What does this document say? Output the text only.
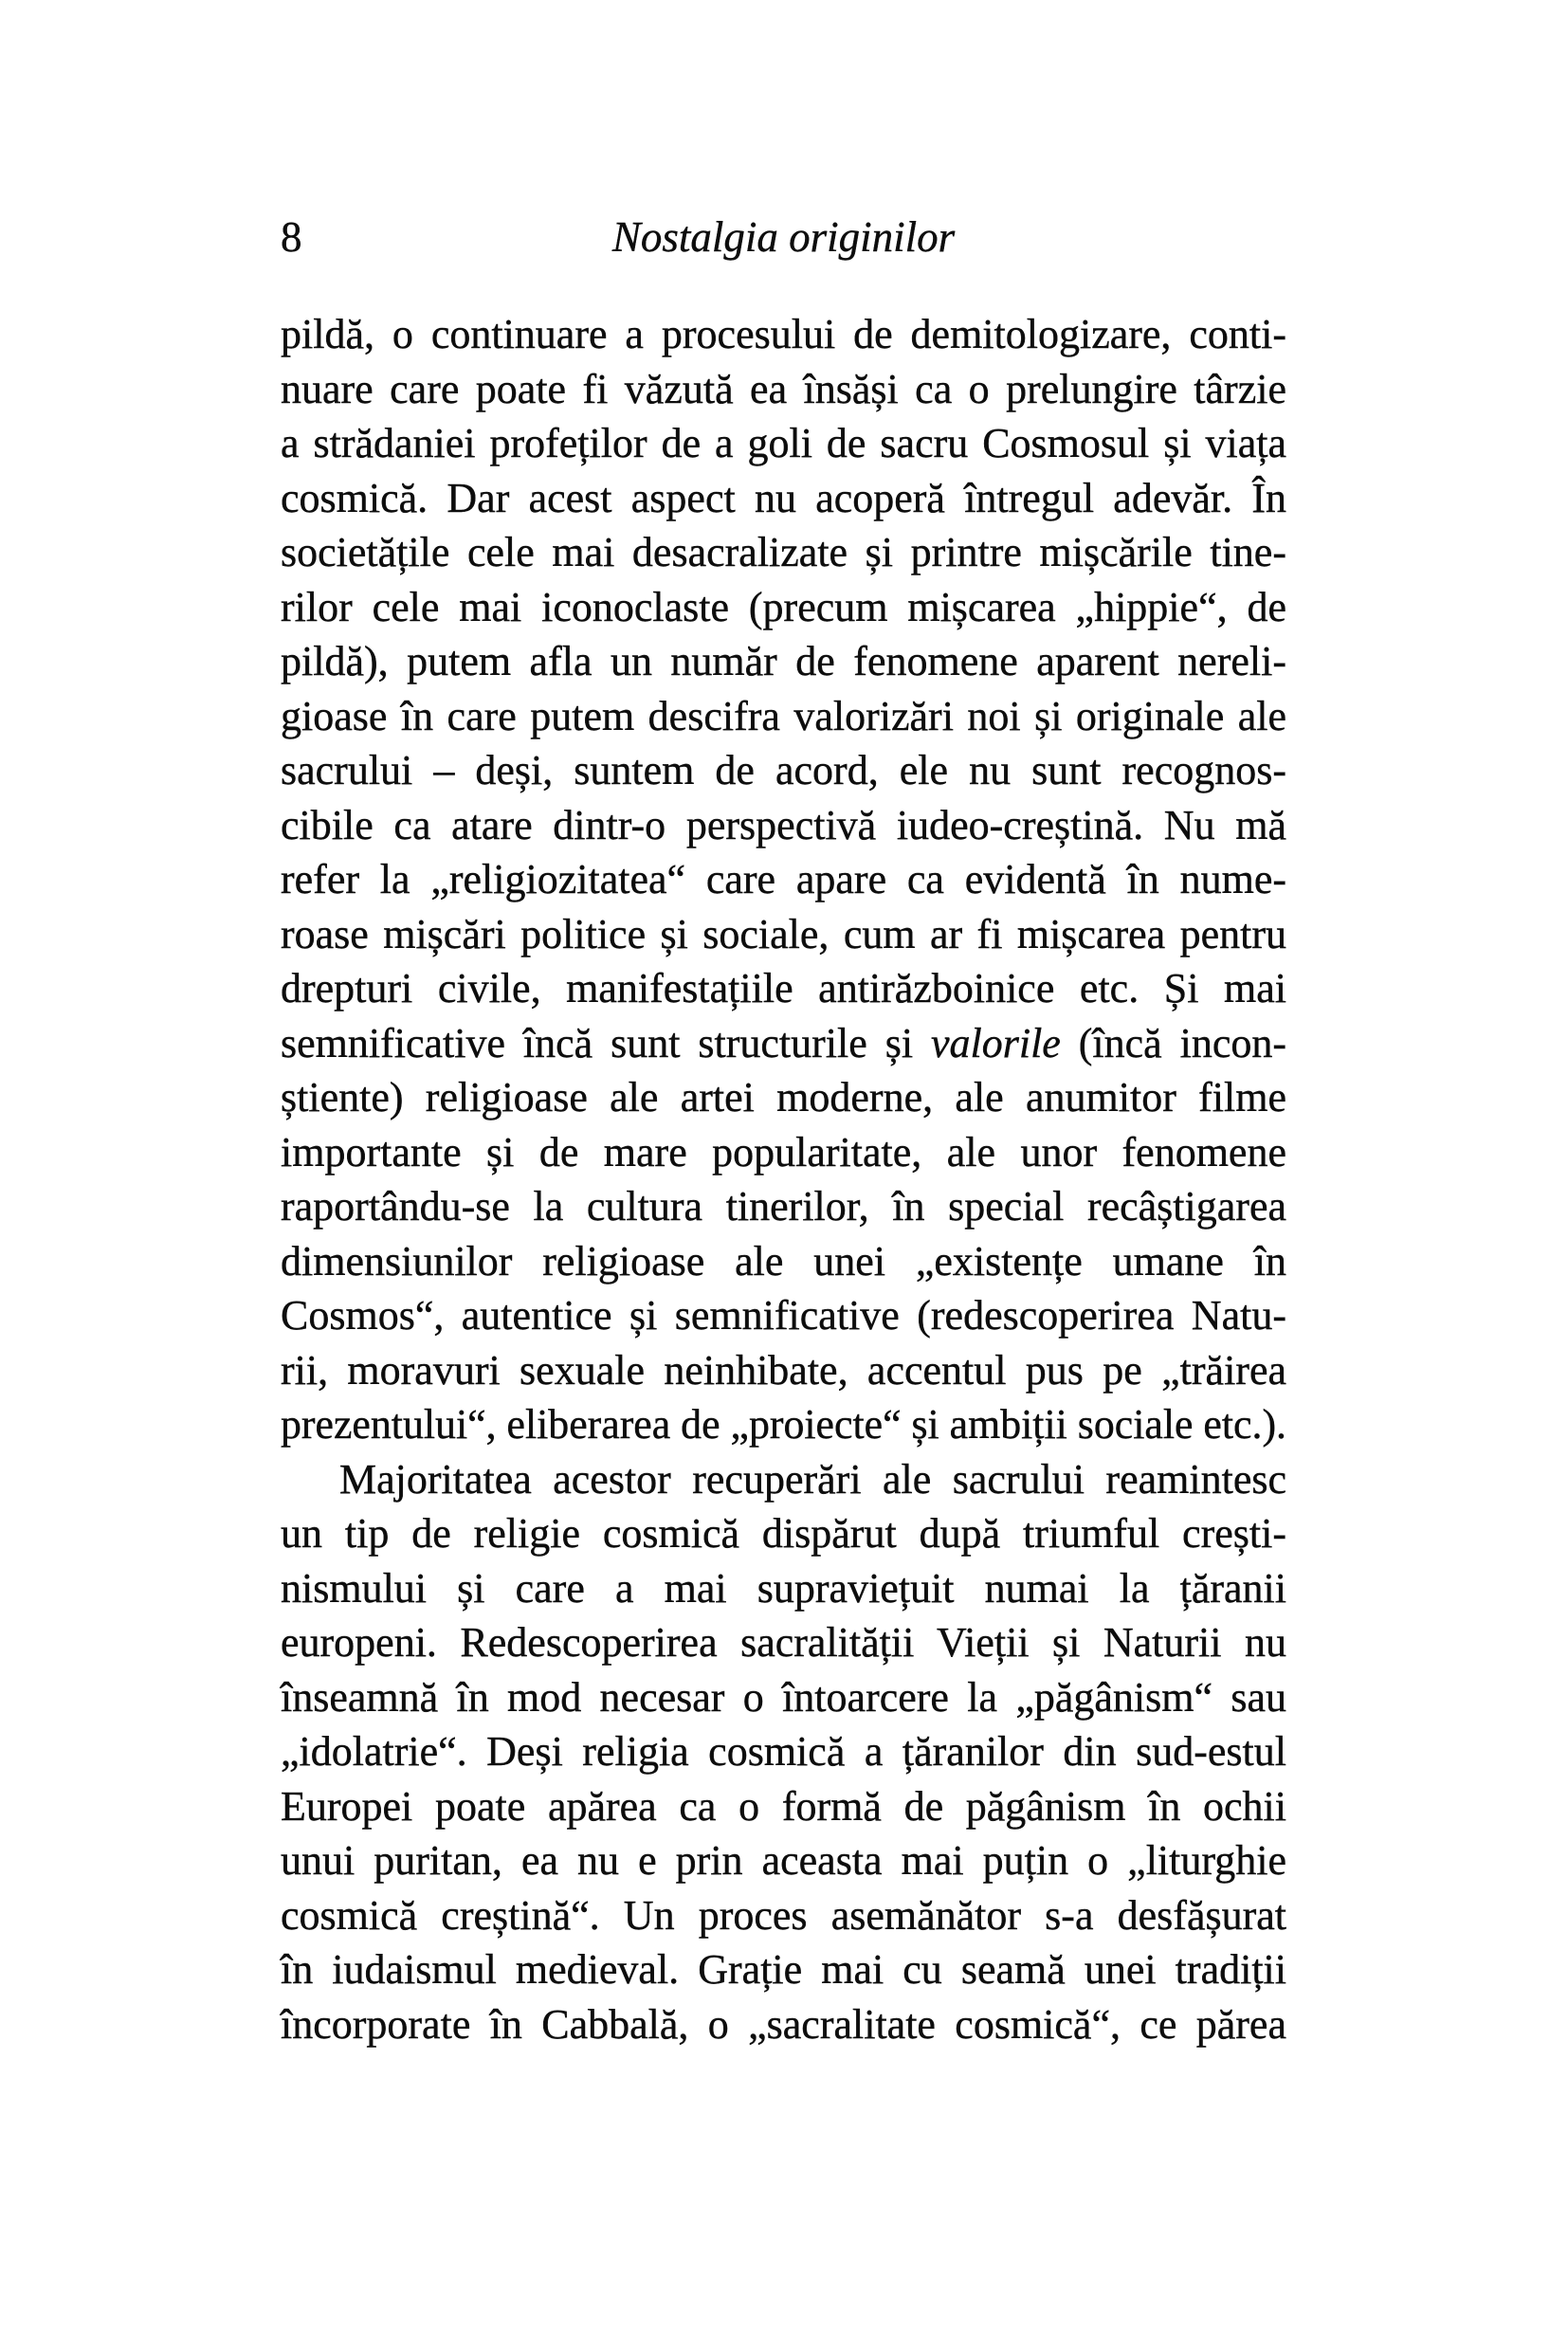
8	Nostalgia originilor
pildă, o continuare a procesului de demitologizare, conti-
nuare care poate fi văzută ea însăși ca o prelungire târzie
a strădaniei profeților de a goli de sacru Cosmosul și viața
cosmică. Dar acest aspect nu acoperă întregul adevăr. În
societățile cele mai desacralizate și printre mișcările tine-
rilor cele mai iconoclaste (precum mișcarea „hippie“, de
pildă), putem afla un număr de fenomene aparent nereli-
gioase în care putem descifra valorizări noi și originale ale
sacrului – deși, suntem de acord, ele nu sunt recognos-
cibile ca atare dintr-o perspectivă iudeo-creștină. Nu mă
refer la „religiozitatea“ care apare ca evidentă în nume-
roase mișcări politice și sociale, cum ar fi mișcarea pentru
drepturi civile, manifestațiile antirăzboinice etc. Și mai
semnificative încă sunt structurile și valorile (încă incon-
știente) religioase ale artei moderne, ale anumitor filme
importante și de mare popularitate, ale unor fenomene
raportându-se la cultura tinerilor, în special recâștigarea
dimensiunilor religioase ale unei „existențe umane în
Cosmos“, autentice și semnificative (redescoperirea Natu-
rii, moravuri sexuale neinhibate, accentul pus pe „trăirea
prezentului“, eliberarea de „proiecte“ și ambiții sociale etc.).
Majoritatea acestor recuperări ale sacrului reamintesc
un tip de religie cosmică dispărut după triumful crești-
nismului și care a mai supraviețuit numai la țăranii
europeni. Redescoperirea sacralității Vieții și Naturii nu
înseamnă în mod necesar o întoarcere la „păgânism“ sau
„idolatrie“. Deși religia cosmică a țăranilor din sud-estul
Europei poate apărea ca o formă de păgânism în ochii
unui puritan, ea nu e prin aceasta mai puțin o „liturghie
cosmică creștină“. Un proces asemănător s-a desfășurat
în iudaismul medieval. Grație mai cu seamă unei tradiții
încorporate în Cabbală, o „sacralitate cosmică“, ce părea
